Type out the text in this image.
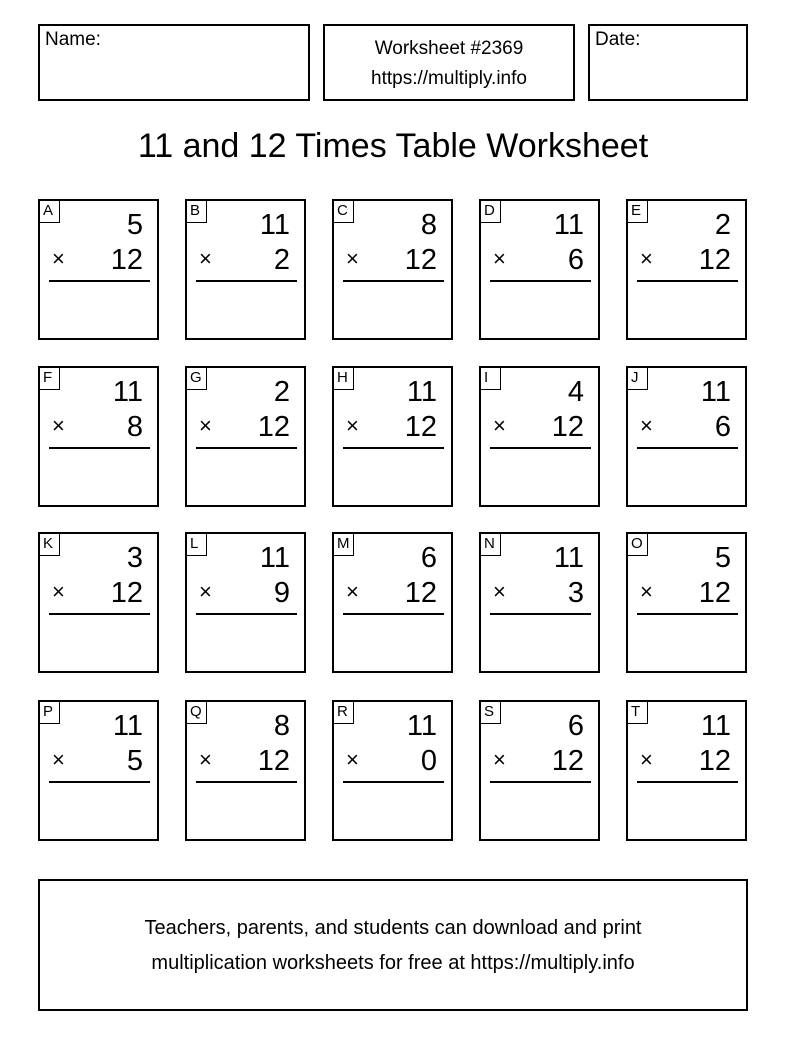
Name:	Worksheet #2369
https://multiply.info
Date:
11 and 12 Times Table Worksheet
A	5
× 12
B 11
× 2
C	8
× 12
D 11
× 6
E	2
× 12
F 11
× 8
G 2
× 12
H 11
× 12
I	4
× 12
J	11
× 6
K	3
× 12
L 11
× 9
M 6
× 12
N 11
× 3
O 5
× 12
P 11
× 5
Q 8
× 12
R 11
× 0
S	6
× 12
T 11
× 12
Teachers, parents, and students can download and print
multiplication worksheets for free at https://multiply.info
